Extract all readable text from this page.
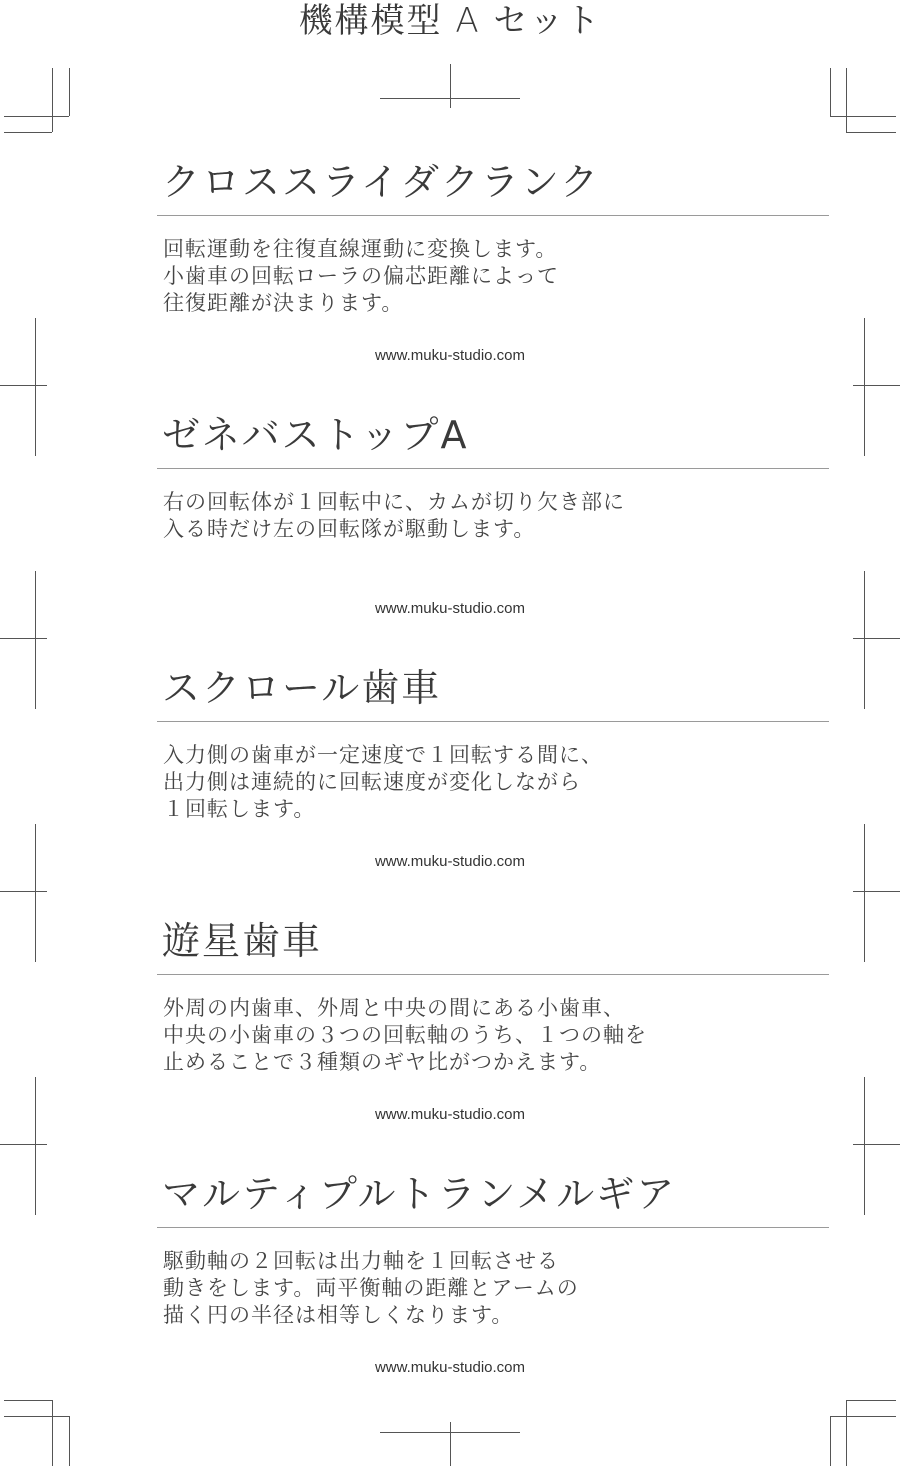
機構模型 A セット
クロススライダクランク
回転運動を往復直線運動に変換します。
小歯車の回転ローラの偏芯距離によって
往復距離が決まります。
www.muku-studio.com
ゼネバストップA
右の回転体が１回転中に、カムが切り欠き部に
入る時だけ左の回転隊が駆動します。
www.muku-studio.com
スクロール歯車
入力側の歯車が一定速度で１回転する間に、
出力側は連続的に回転速度が変化しながら
１回転します。
www.muku-studio.com
遊星歯車
外周の内歯車、外周と中央の間にある小歯車、
中央の小歯車の３つの回転軸のうち、１つの軸を
止めることで３種類のギヤ比がつかえます。
www.muku-studio.com
マルティプルトランメルギア
駆動軸の２回転は出力軸を１回転させる
動きをします。両平衡軸の距離とアームの
描く円の半径は相等しくなります。
www.muku-studio.com
